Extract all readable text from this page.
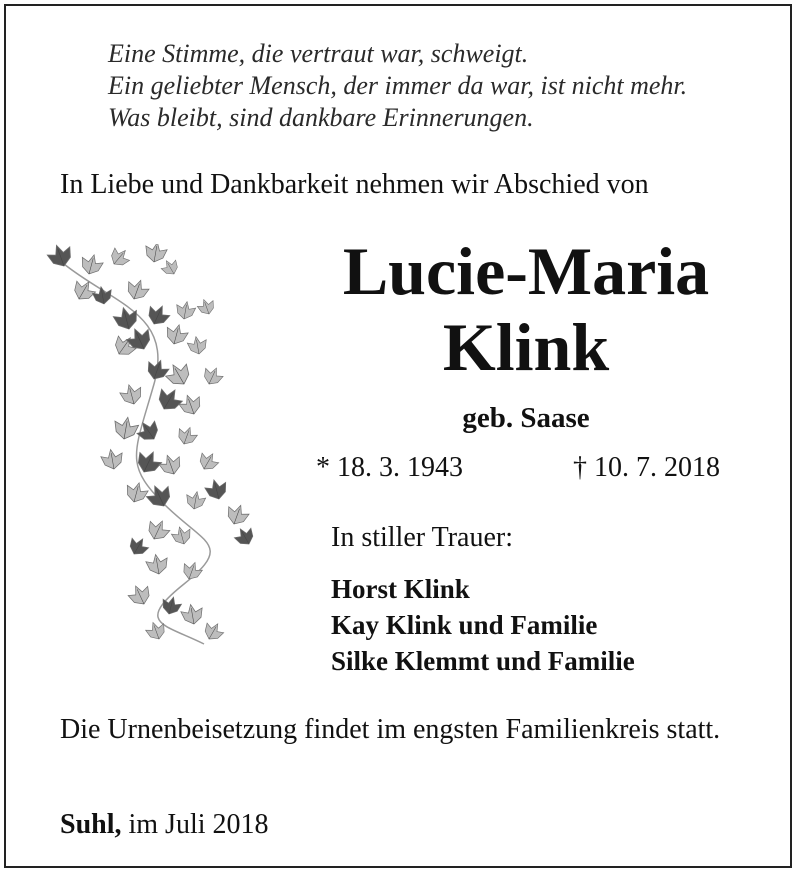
Eine Stimme, die vertraut war, schweigt.
Ein geliebter Mensch, der immer da war, ist nicht mehr.
Was bleibt, sind dankbare Erinnerungen.
In Liebe und Dankbarkeit nehmen wir Abschied von
Lucie-Maria
Klink
geb. Saase
* 18. 3. 1943	† 10. 7. 2018
In stiller Trauer:
Horst Klink
Kay Klink und Familie
Silke Klemmt und Familie
Die Urnenbeisetzung findet im engsten Familienkreis statt.
Suhl, im Juli 2018
